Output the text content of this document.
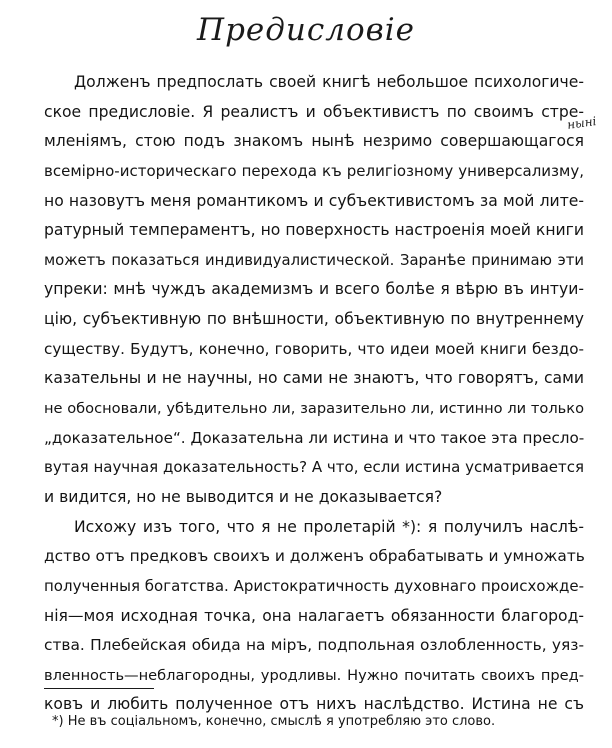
Предисловіе
ныні
Долженъ предпослать своей книгѣ небольшое психологиче-
ское предисловіе. Я реалистъ и объективистъ по своимъ стре-
мленіямъ, стою подъ знакомъ нынѣ незримо совершающагося
всемірно-историческаго перехода къ религіозному универсализму,
но назовутъ меня романтикомъ и субъективистомъ за мой лите-
ратурный темпераментъ, но поверхность настроенія моей книги
можетъ показаться индивидуалистической. Заранѣе принимаю эти
упреки: мнѣ чуждъ академизмъ и всего болѣе я вѣрю въ интуи-
цію, субъективную по внѣшности, объективную по внутреннему
существу. Будутъ, конечно, говорить, что идеи моей книги бездо-
казательны и не научны, но сами не знаютъ, что говорятъ, сами
не обосновали, убѣдительно ли, заразительно ли, истинно ли только
„доказательное“. Доказательна ли истина и что такое эта пресло-
вутая научная доказательность? А что, если истина усматривается
и видится, но не выводится и не доказывается?
Исхожу изъ того, что я не пролетарій *): я получилъ наслѣ-
дство отъ предковъ своихъ и долженъ обрабатывать и умножать
полученныя богатства. Аристократичность духовнаго происхожде-
нія—моя исходная точка, она налагаетъ обязанности благород-
ства. Плебейская обида на міръ, подпольная озлобленность, уяз-
вленность—неблагородны, уродливы. Нужно почитать своихъ пред-
ковъ и любить полученное отъ нихъ наслѣдство. Истина не съ
*) Не въ соціальномъ, конечно, смыслѣ я употребляю это слово.
